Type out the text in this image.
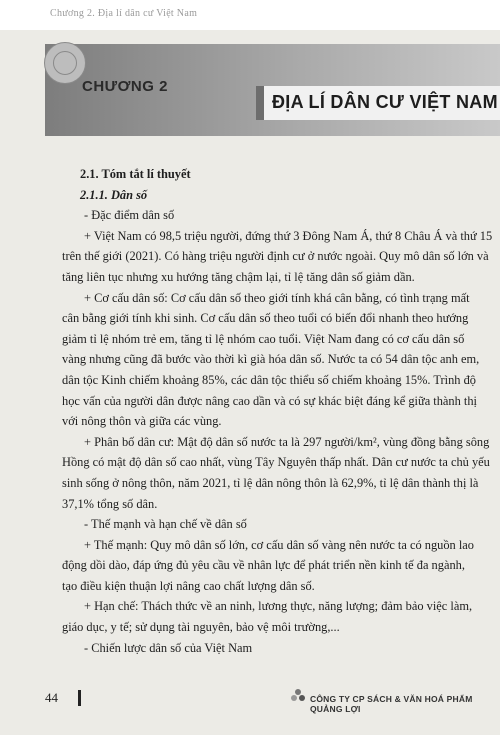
Chương 2. Địa lí dân cư Việt Nam
CHƯƠNG 2
ĐỊA LÍ DÂN CƯ VIỆT NAM

2.1. Tóm tắt lí thuyết

2.1.1. Dân số

- Đặc điểm dân số

+ Việt Nam có 98,5 triệu người, đứng thứ 3 Đông Nam Á, thứ 8 Châu Á và thứ 15

trên thế giới (2021). Có hàng triệu người định cư ở nước ngoài. Quy mô dân số lớn và

tăng liên tục nhưng xu hướng tăng chậm lại, tỉ lệ tăng dân số giảm dần.

+ Cơ cấu dân số: Cơ cấu dân số theo giới tính khá cân bằng, có tình trạng mất

cân bằng giới tính khi sinh. Cơ cấu dân số theo tuổi có biến đổi nhanh theo hướng

giảm tỉ lệ nhóm trẻ em, tăng tỉ lệ nhóm cao tuổi. Việt Nam đang có cơ cấu dân số

vàng nhưng cũng đã bước vào thời kì già hóa dân số. Nước ta có 54 dân tộc anh em,

dân tộc Kinh chiếm khoảng 85%, các dân tộc thiểu số chiếm khoảng 15%. Trình độ

học vấn của người dân được nâng cao dần và có sự khác biệt đáng kể giữa thành thị

với nông thôn và giữa các vùng.

+ Phân bố dân cư: Mật độ dân số nước ta là 297 người/km², vùng đồng bằng sông

Hồng có mật độ dân số cao nhất, vùng Tây Nguyên thấp nhất. Dân cư nước ta chủ yếu

sinh sống ở nông thôn, năm 2021, tỉ lệ dân nông thôn là 62,9%, tỉ lệ dân thành thị là

37,1% tổng số dân.

- Thế mạnh và hạn chế về dân số

+ Thế mạnh: Quy mô dân số lớn, cơ cấu dân số vàng nên nước ta có nguồn lao

động dồi dào, đáp ứng đủ yêu cầu về nhân lực để phát triển nền kinh tế đa ngành,

tạo điều kiện thuận lợi nâng cao chất lượng dân số.

+ Hạn chế: Thách thức về an ninh, lương thực, năng lượng; đảm bảo việc làm,

giáo dục, y tế; sử dụng tài nguyên, bảo vệ môi trường,...

- Chiến lược dân số của Việt Nam

44	CÔNG TY CP SÁCH & VĂN HOÁ PHẨM QUẢNG LỢI
